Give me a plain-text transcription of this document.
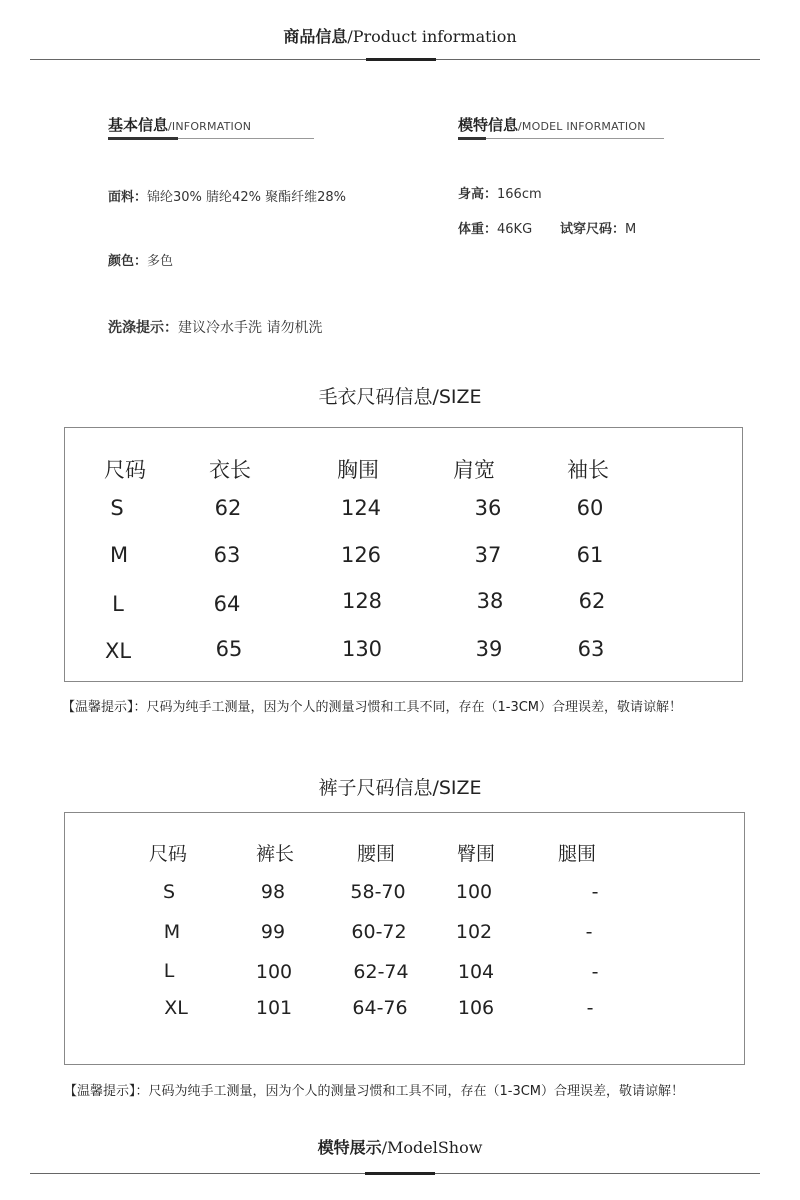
商品信息/Product information
基本信息/INFORMATION
面料：锦纶30% 腈纶42% 聚酯纤维28%
颜色：多色
洗涤提示：建议冷水手洗 请勿机洗
模特信息/MODEL INFORMATION
身高：166cm
体重：46KG 试穿尺码：M
毛衣尺码信息/SIZE
尺码	衣长	胸围	肩宽	袖长
S	62	124	36	60
M	63	126	37	61
L	64	128	38	62
XL	65	130	39	63
【温馨提示】：尺码为纯手工测量，因为个人的测量习惯和工具不同，存在（1-3CM）合理误差，敬请谅解！
裤子尺码信息/SIZE
尺码	裤长	腰围	臀围	腿围
S	98	58-70	100	-
M	99	60-72	102	-
L	100	62-74	104	-
XL	101	64-76	106	-
【温馨提示】：尺码为纯手工测量，因为个人的测量习惯和工具不同，存在（1-3CM）合理误差，敬请谅解！
模特展示/ModelShow
